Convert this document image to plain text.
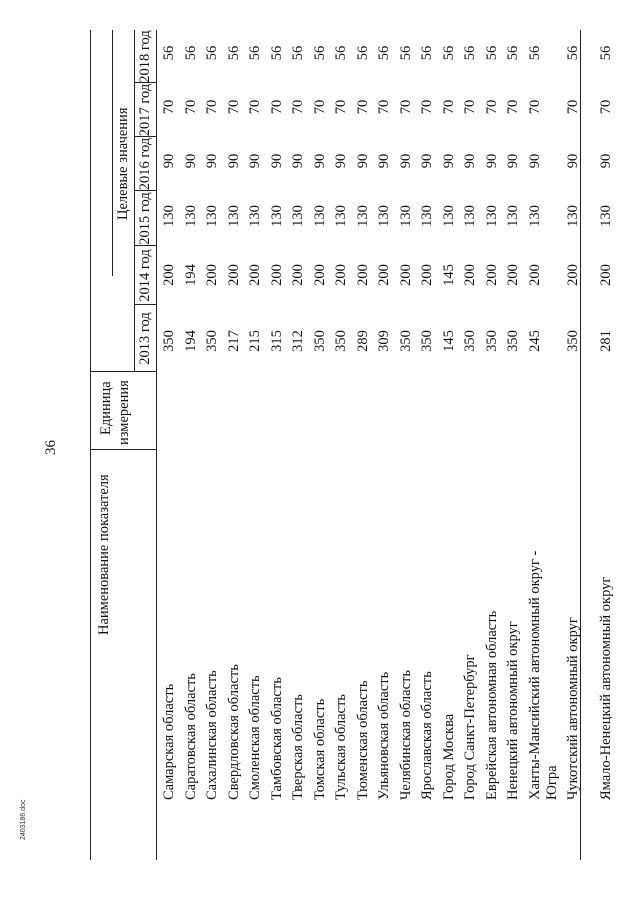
36
2403186.doc
Наименование показателя
Единица измерения
Целевые значения
2013 год
2014 год
2015 год
2016 год
2017 год
2018 год
Самарская область
350
200
130
90
70
56
Саратовская область
194
194
130
90
70
56
Сахалинская область
350
200
130
90
70
56
Свердловская область
217
200
130
90
70
56
Смоленская область
215
200
130
90
70
56
Тамбовская область
315
200
130
90
70
56
Тверская область
312
200
130
90
70
56
Томская область
350
200
130
90
70
56
Тульская область
350
200
130
90
70
56
Тюменская область
289
200
130
90
70
56
Ульяновская область
309
200
130
90
70
56
Челябинская область
350
200
130
90
70
56
Ярославская область
350
200
130
90
70
56
Город Москва
145
145
130
90
70
56
Город Санкт-Петербург
350
200
130
90
70
56
Еврейская автономная область
350
200
130
90
70
56
Ненецкий автономный округ
350
200
130
90
70
56
Ханты-Мансийский автономный округ - Югра
245
200
130
90
70
56
Чукотский автономный округ
350
200
130
90
70
56
Ямало-Ненецкий автономный округ
281
200
130
90
70
56
